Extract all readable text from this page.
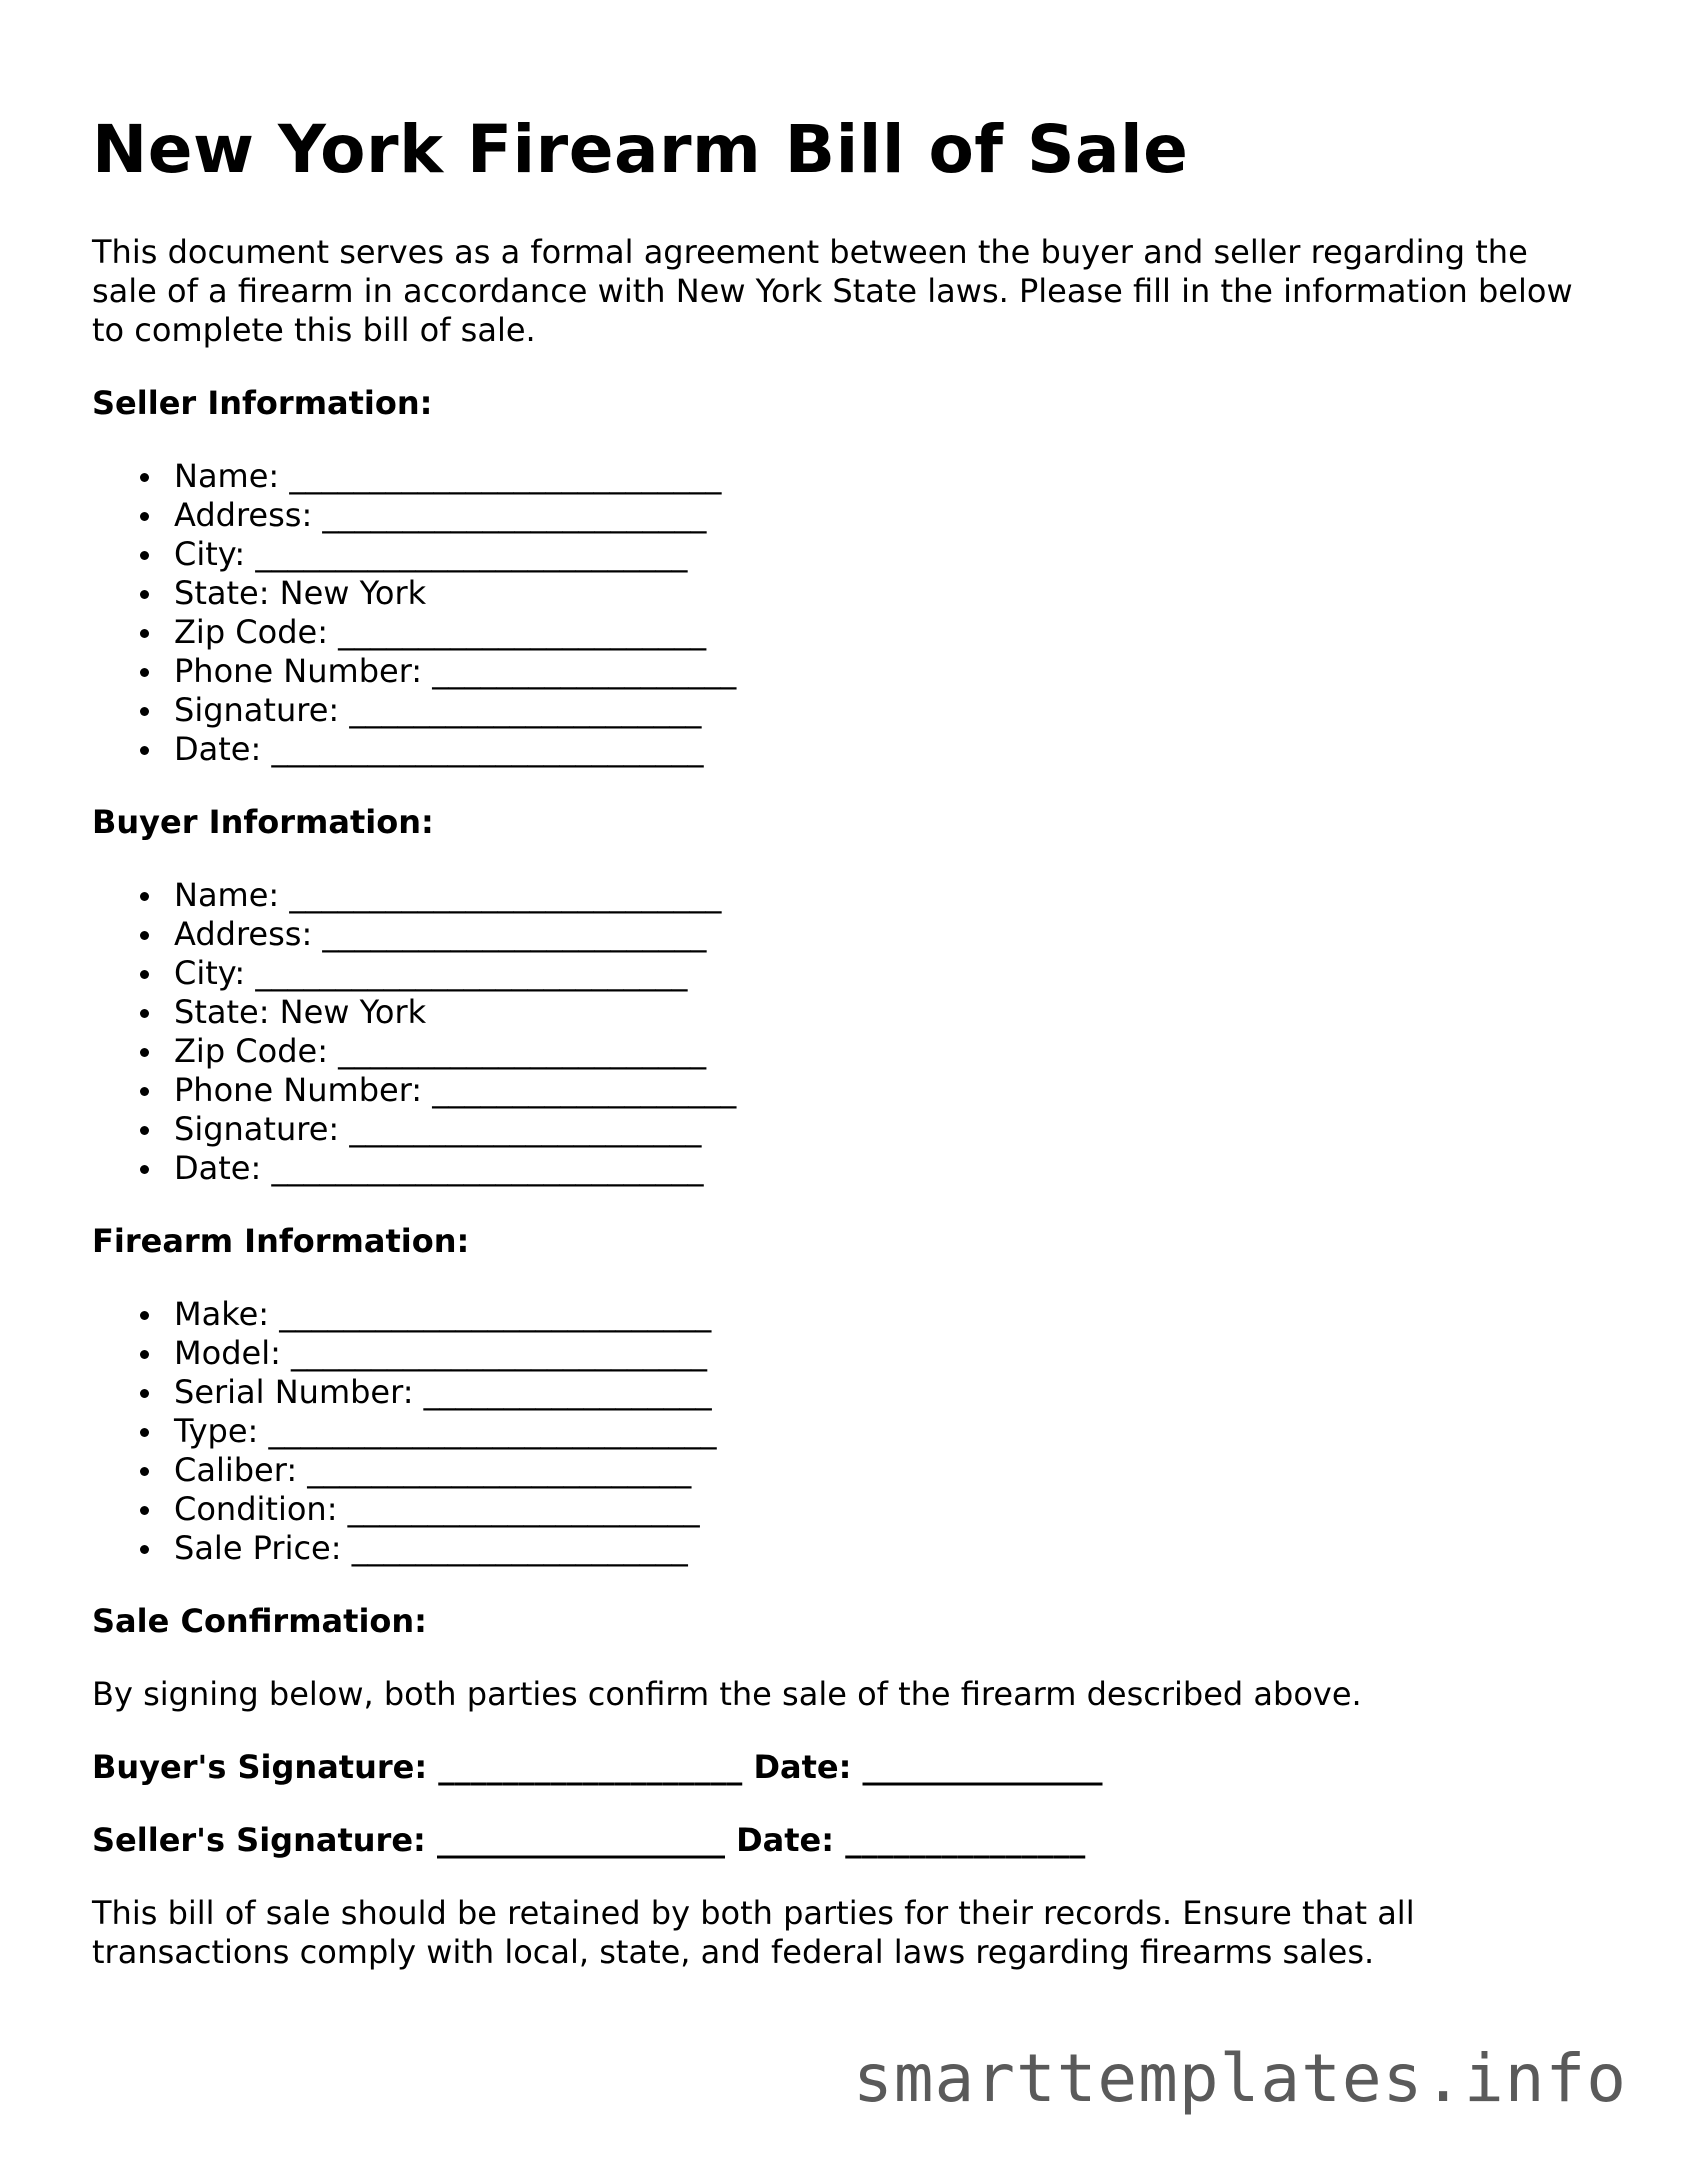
New York Firearm Bill of Sale

This document serves as a formal agreement between the buyer and seller regarding the sale of a firearm in accordance with New York State laws. Please fill in the information below to complete this bill of sale.

Seller Information:
Name: ___________________________
Address: ________________________
City: ___________________________
State: New York
Zip Code: _______________________
Phone Number: ___________________
Signature: ______________________
Date: ___________________________
Buyer Information:
Name: ___________________________
Address: ________________________
City: ___________________________
State: New York
Zip Code: _______________________
Phone Number: ___________________
Signature: ______________________
Date: ___________________________
Firearm Information:
Make: ___________________________
Model: __________________________
Serial Number: __________________
Type: ____________________________
Caliber: ________________________
Condition: ______________________
Sale Price: _____________________
Sale Confirmation:

By signing below, both parties confirm the sale of the firearm described above.

Buyer's Signature: ___________________ Date: _______________
Seller's Signature: __________________ Date: _______________

This bill of sale should be retained by both parties for their records. Ensure that all transactions comply with local, state, and federal laws regarding firearms sales.

smarttemplates.info
